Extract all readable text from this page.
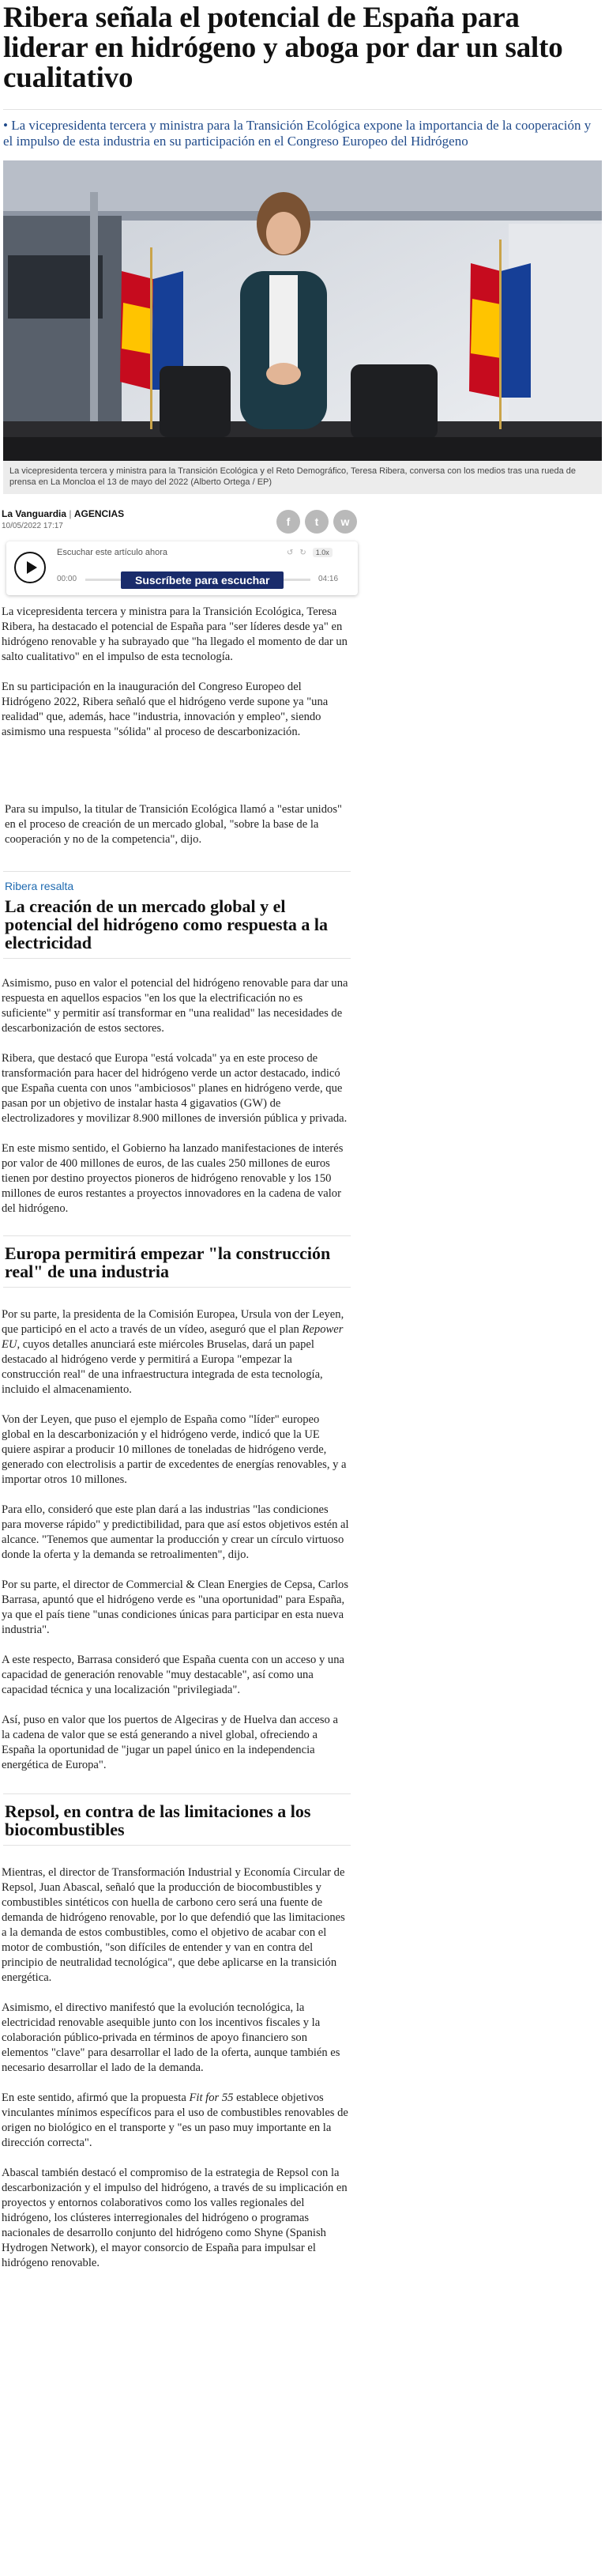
Ribera señala el potencial de España para liderar en hidrógeno y aboga por dar un salto cualitativo

• La vicepresidenta tercera y ministra para la Transición Ecológica expone la importancia de la cooperación y el impulso de esta industria en su participación en el Congreso Europeo del Hidrógeno

La vicepresidenta tercera y ministra para la Transición Ecológica y el Reto Demográfico, Teresa Ribera, conversa con los medios tras una rueda de prensa en La Moncloa el 13 de mayo del 2022 (Alberto Ortega / EP)

La Vanguardia | AGENCIAS
10/05/2022 17:17	f t w
Escuchar este artículo ahora	↺ ↻	1.0x
00:00	04:16
Suscríbete para escuchar

La vicepresidenta tercera y ministra para la Transición Ecológica, Teresa Ribera, ha destacado el potencial de España para "ser líderes desde ya" en hidrógeno renovable y ha subrayado que "ha llegado el momento de dar un salto cualitativo" en el impulso de esta tecnología.

En su participación en la inauguración del Congreso Europeo del Hidrógeno 2022, Ribera señaló que el hidrógeno verde supone ya "una realidad" que, además, hace "industria, innovación y empleo", siendo asimismo una respuesta "sólida" al proceso de descarbonización.

Para su impulso, la titular de Transición Ecológica llamó a "estar unidos" en el proceso de creación de un mercado global, "sobre la base de la cooperación y no de la competencia", dijo.

Ribera resalta

La creación de un mercado global y el potencial del hidrógeno como respuesta a la electricidad

Asimismo, puso en valor el potencial del hidrógeno renovable para dar una respuesta en aquellos espacios "en los que la electrificación no es suficiente" y permitir así transformar en "una realidad" las necesidades de descarbonización de estos sectores.

Ribera, que destacó que Europa "está volcada" ya en este proceso de transformación para hacer del hidrógeno verde un actor destacado, indicó que España cuenta con unos "ambiciosos" planes en hidrógeno verde, que pasan por un objetivo de instalar hasta 4 gigavatios (GW) de electrolizadores y movilizar 8.900 millones de inversión pública y privada.

En este mismo sentido, el Gobierno ha lanzado manifestaciones de interés por valor de 400 millones de euros, de las cuales 250 millones de euros tienen por destino proyectos pioneros de hidrógeno renovable y los 150 millones de euros restantes a proyectos innovadores en la cadena de valor del hidrógeno.

Europa permitirá empezar "la construcción real" de una industria

Por su parte, la presidenta de la Comisión Europea, Ursula von der Leyen, que participó en el acto a través de un vídeo, aseguró que el plan Repower EU, cuyos detalles anunciará este miércoles Bruselas, dará un papel destacado al hidrógeno verde y permitirá a Europa "empezar la construcción real" de una infraestructura integrada de esta tecnología, incluido el almacenamiento.

Von der Leyen, que puso el ejemplo de España como "líder" europeo global en la descarbonización y el hidrógeno verde, indicó que la UE quiere aspirar a producir 10 millones de toneladas de hidrógeno verde, generado con electrolisis a partir de excedentes de energías renovables, y a importar otros 10 millones.

Para ello, consideró que este plan dará a las industrias "las condiciones para moverse rápido" y predictibilidad, para que así estos objetivos estén al alcance. "Tenemos que aumentar la producción y crear un círculo virtuoso donde la oferta y la demanda se retroalimenten", dijo.

Por su parte, el director de Commercial & Clean Energies de Cepsa, Carlos Barrasa, apuntó que el hidrógeno verde es "una oportunidad" para España, ya que el país tiene "unas condiciones únicas para participar en esta nueva industria".

A este respecto, Barrasa consideró que España cuenta con un acceso y una capacidad de generación renovable "muy destacable", así como una capacidad técnica y una localización "privilegiada".

Así, puso en valor que los puertos de Algeciras y de Huelva dan acceso a la cadena de valor que se está generando a nivel global, ofreciendo a España la oportunidad de "jugar un papel único en la independencia energética de Europa".

Repsol, en contra de las limitaciones a los biocombustibles

Mientras, el director de Transformación Industrial y Economía Circular de Repsol, Juan Abascal, señaló que la producción de biocombustibles y combustibles sintéticos con huella de carbono cero será una fuente de demanda de hidrógeno renovable, por lo que defendió que las limitaciones a la demanda de estos combustibles, como el objetivo de acabar con el motor de combustión, "son difíciles de entender y van en contra del principio de neutralidad tecnológica", que debe aplicarse en la transición energética.

Asimismo, el directivo manifestó que la evolución tecnológica, la electricidad renovable asequible junto con los incentivos fiscales y la colaboración público-privada en términos de apoyo financiero son elementos "clave" para desarrollar el lado de la oferta, aunque también es necesario desarrollar el lado de la demanda.

En este sentido, afirmó que la propuesta Fit for 55 establece objetivos vinculantes mínimos específicos para el uso de combustibles renovables de origen no biológico en el transporte y "es un paso muy importante en la dirección correcta".

Abascal también destacó el compromiso de la estrategia de Repsol con la descarbonización y el impulso del hidrógeno, a través de su implicación en proyectos y entornos colaborativos como los valles regionales del hidrógeno, los clústeres interregionales del hidrógeno o programas nacionales de desarrollo conjunto del hidrógeno como Shyne (Spanish Hydrogen Network), el mayor consorcio de España para impulsar el hidrógeno renovable.
